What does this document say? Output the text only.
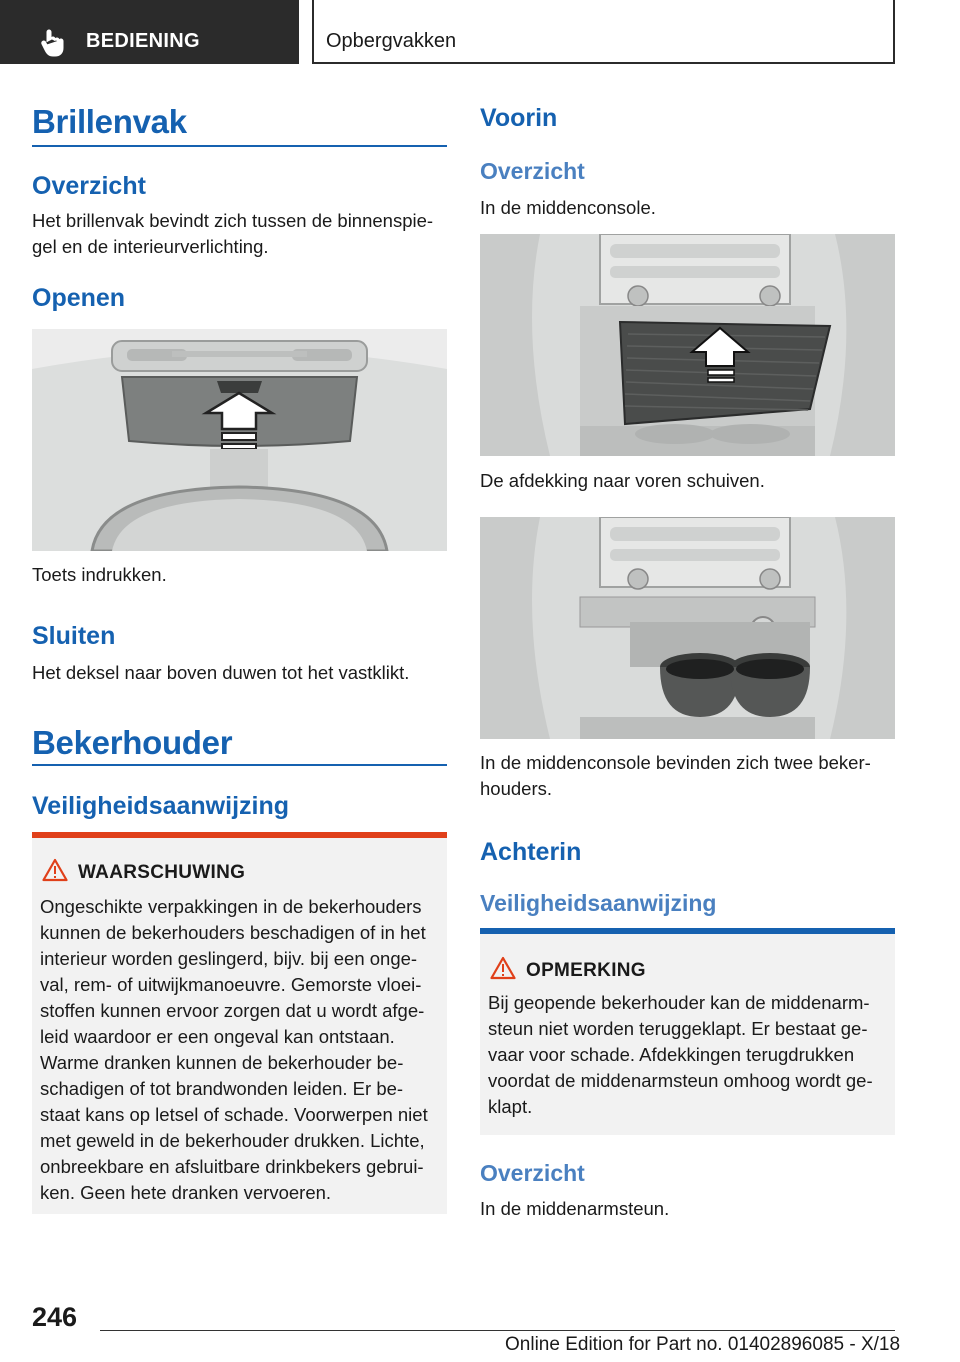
BEDIENING	Opbergvakken
Brillenvak
Overzicht
Het brillenvak bevindt zich tussen de binnenspie-
gel en de interieurverlichting.
Openen
Toets indrukken.
Sluiten
Het deksel naar boven duwen tot het vastklikt.
Bekerhouder
Veiligheidsaanwijzing
WAARSCHUWING
Ongeschikte verpakkingen in de bekerhouders
kunnen de bekerhouders beschadigen of in het
interieur worden geslingerd, bijv. bij een onge-
val, rem- of uitwijkmanoeuvre. Gemorste vloei-
stoffen kunnen ervoor zorgen dat u wordt afge-
leid waardoor er een ongeval kan ontstaan.
Warme dranken kunnen de bekerhouder be-
schadigen of tot brandwonden leiden. Er be-
staat kans op letsel of schade. Voorwerpen niet
met geweld in de bekerhouder drukken. Lichte,
onbreekbare en afsluitbare drinkbekers gebrui-
ken. Geen hete dranken vervoeren.
Voorin
Overzicht
In de middenconsole.
De afdekking naar voren schuiven.
In de middenconsole bevinden zich twee beker-
houders.
Achterin
Veiligheidsaanwijzing
OPMERKING
Bij geopende bekerhouder kan de middenarm-
steun niet worden teruggeklapt. Er bestaat ge-
vaar voor schade. Afdekkingen terugdrukken
voordat de middenarmsteun omhoog wordt ge-
klapt.
Overzicht
In de middenarmsteun.
246
Online Edition for Part no. 01402896085 - X/18
